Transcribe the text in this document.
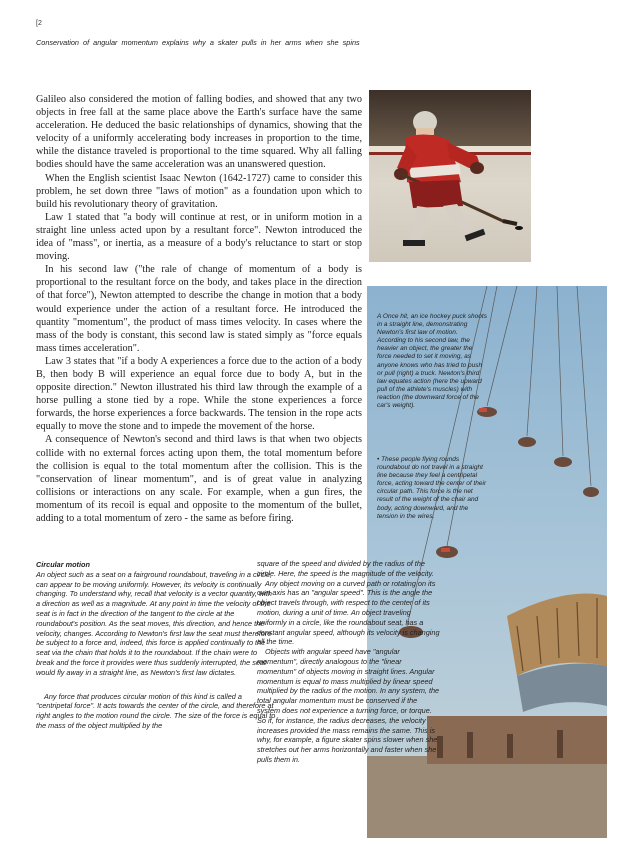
[2
Conservation of angular momentum explains why a skater pulls in her arms when she spins

Galileo also considered the motion of falling bodies, and showed that any two objects in free fall at the same place above the Earth's surface have the same acceleration. He deduced the basic relationships of dynamics, showing that the velocity of a uniformly accelerating body increases in proportion to the time, while the distance traveled is proportional to the time squared. Why all falling bodies should have the same acceleration was an unanswered question.

When the English scientist Isaac Newton (1642-1727) came to consider this problem, he set down three "laws of motion" as a foundation upon which to build his revolutionary theory of gravitation.

Law 1 stated that "a body will continue at rest, or in uniform motion in a straight line unless acted upon by a resultant force". Newton introduced the idea of "mass", or inertia, as a measure of a body's reluctance to start or stop moving.

In his second law ("the rale of change of momentum of a body is proportional to the resultant force on the body, and takes place in the direction of that force"), Newton attempted to describe the change in motion that a body would experience under the action of a resultant force. He introduced the quantity "momentum", the product of mass times velocity. In cases where the mass of the body is constant, this second law is stated simply as "force equals mass times acceleration".

Law 3 states that "if a body A experiences a force due to the action of a body B, then body B will experience an equal force due to body A, but in the opposite direction." Newton illustrated his third law through the example of a horse pulling a stone tied by a rope. While the stone experiences a force forwards, the horse experiences a force backwards. The tension in the rope acts equally to move the stone and to impede the movement of the horse.

A consequence of Newton's second and third laws is that when two objects collide with no external forces acting upon them, the total momentum before the collision is equal to the total momentum after the collision. This is the "conservation of linear momentum", and is of great value in analyzing collisions or interactions on any scale. For example, when a gun fires, the momentum of its recoil is equal and opposite to the momentum of the bullet, adding to a total momentum of zero - the same as before firing.

A Once hit, an ice hockey puck shoots in a straight line, demonstrating Newton's first law of motion. According to his second law, the heavier an object, the greater the force needed to set it moving, as anyone knows who has tried to push or pull (right) a truck. Newton's third law equates action (here the upward pull of the athlete's muscles) with reaction (the downward force of the car's weight).
• These people flying rounds roundabout do not travel in a straight line because they feel a centripetal force, acting toward the center of their circular path. This force is the net result of the weight of the chair and body, acting downward, and the tension in the wires.

Circular motion

An object such as a seat on a fairground roundabout, traveling in a circle, can appear to be moving uniformly. However, its velocity is continually changing. To understand why, recall that velocity is a vector quantity, with a direction as well as a magnitude. At any point in time the velocity of the seat is in fact in the direction of the tangent to the circle at the roundabout's position. As the seat moves, this direction, and hence the velocity, changes. According to Newton's first law the seat must therefore be subject to a force and, indeed, this force is applied continually to the seat via the chain that holds it to the roundabout. If the chain were to break and the force it provides were thus suddenly interrupted, the seat would fly away in a straight line, as Newton's first law dictates.

Any force that produces circular motion of this kind is called a "centripetal force". It acts towards the center of the circle, and therefore at right angles to the motion round the circle. The size of the force is equal to the mass of the object multiplied by the

square of the speed and divided by the radius of the circle. Here, the speed is the magnitude of the velocity.

Any object moving on a curved path or rotating on its own axis has an "angular speed". This is the angle the object travels through, with respect to the center of its motion, during a unit of time. An object traveling uniformly in a circle, like the roundabout seat, has a constant angular speed, although its velocity is changing all the time.

Objects with angular speed have "angular momentum", directly analogous to the "linear momentum" of objects moving in straight lines. Angular momentum is equal to mass multiplied by linear speed multiplied by the radius of the motion. In any system, the total angular momentum must be conserved if the system does not experience a turning force, or torque. So if, for instance, the radius decreases, the velocity increases provided the mass remains the same. This is why, for example, a figure skater spins slower when she stretches out her arms horizontally and faster when she pulls them in.
